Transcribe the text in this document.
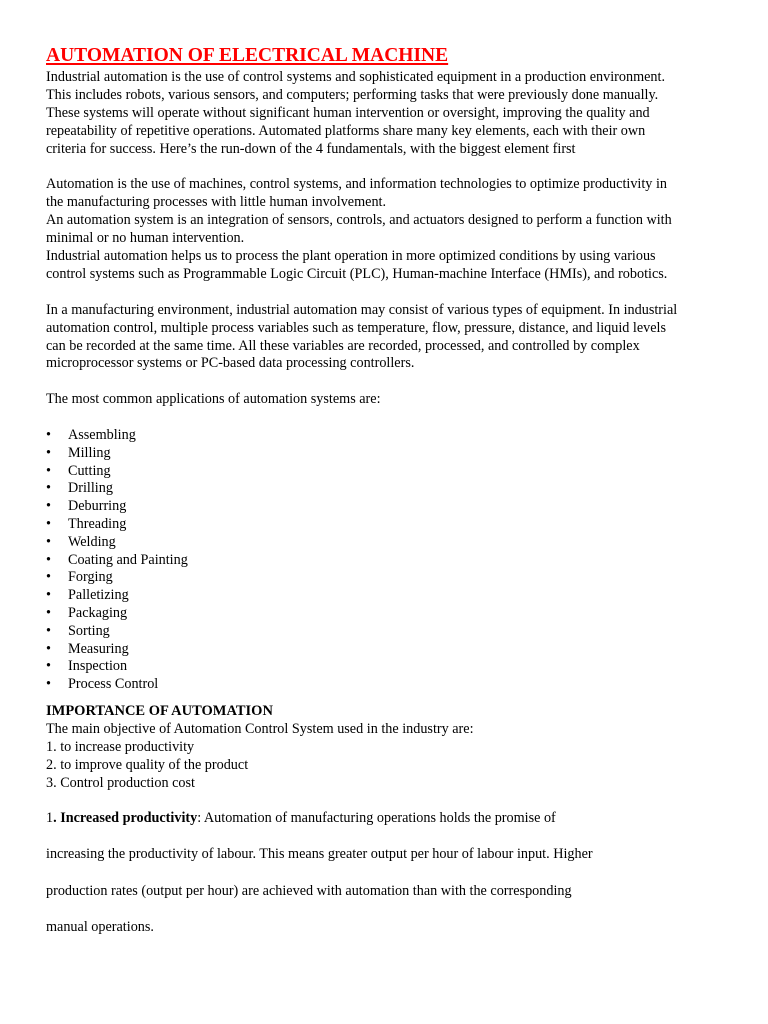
AUTOMATION OF ELECTRICAL MACHINE

Industrial automation is the use of control systems and sophisticated equipment in a production environment.
This includes robots, various sensors, and computers; performing tasks that were previously done manually.
These systems will operate without significant human intervention or oversight, improving the quality and
repeatability of repetitive operations. Automated platforms share many key elements, each with their own
criteria for success. Here’s the run-down of the 4 fundamentals, with the biggest element first

Automation is the use of machines, control systems, and information technologies to optimize productivity in
the manufacturing processes with little human involvement.
An automation system is an integration of sensors, controls, and actuators designed to perform a function with
minimal or no human intervention.
Industrial automation helps us to process the plant operation in more optimized conditions by using various
control systems such as Programmable Logic Circuit (PLC), Human-machine Interface (HMIs), and robotics.

In a manufacturing environment, industrial automation may consist of various types of equipment. In industrial
automation control, multiple process variables such as temperature, flow, pressure, distance, and liquid levels
can be recorded at the same time. All these variables are recorded, processed, and controlled by complex
microprocessor systems or PC-based data processing controllers.

The most common applications of automation systems are:

• Assembling
• Milling
• Cutting
• Drilling
• Deburring
• Threading
• Welding
• Coating and Painting
• Forging
• Palletizing
• Packaging
• Sorting
• Measuring
• Inspection
• Process Control

IMPORTANCE OF AUTOMATION

The main objective of Automation Control System used in the industry are:

1. to increase productivity

2. to improve quality of the product

3. Control production cost

1. Increased productivity: Automation of manufacturing operations holds the promise of

increasing the productivity of labour. This means greater output per hour of labour input. Higher

production rates (output per hour) are achieved with automation than with the corresponding

manual operations.
